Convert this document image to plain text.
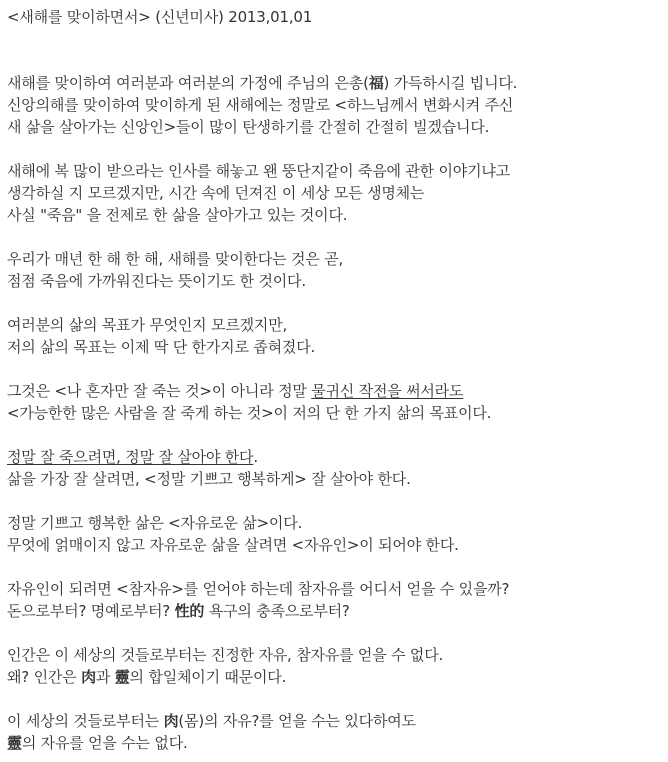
<새해를 맞이하면서> (신년미사) 2013,01,01
새해를 맞이하여 여러분과 여러분의 가정에 주님의 은총(福) 가득하시길 빕니다.
신앙의해를 맞이하여 맞이하게 된 새해에는 정말로 <하느님께서 변화시켜 주신
새 삶을 살아가는 신앙인>들이 많이 탄생하기를 간절히 간절히 빌겠습니다.
새해에 복 많이 받으라는 인사를 해놓고 왠 뚱단지같이 죽음에 관한 이야기냐고
생각하실 지 모르겠지만, 시간 속에 던져진 이 세상 모든 생명체는
사실 "죽음" 을 전제로 한 삶을 살아가고 있는 것이다.
우리가 매년 한 해 한 해, 새해를 맞이한다는 것은 곧,
점점 죽음에 가까워진다는 뜻이기도 한 것이다.
여러분의 삶의 목표가 무엇인지 모르겠지만,
저의 삶의 목표는 이제 딱 단 한가지로 좁혀졌다.
그것은 <나 혼자만 잘 죽는 것>이 아니라 정말 물귀신 작전을 써서라도
<가능한한 많은 사람을 잘 죽게 하는 것>이 저의 단 한 가지 삶의 목표이다.
정말 잘 죽으려면, 정말 잘 살아야 한다.
삶을 가장 잘 살려면, <정말 기쁘고 행복하게> 잘 살아야 한다.
정말 기쁘고 행복한 삶은 <자유로운 삶>이다.
무엇에 얽매이지 않고 자유로운 삶을 살려면 <자유인>이 되어야 한다.
자유인이 되려면 <참자유>를 얻어야 하는데 참자유를 어디서 얻을 수 있을까?
돈으로부터? 명예로부터? 性的 욕구의 충족으로부터?
인간은 이 세상의 것들로부터는 진정한 자유, 참자유를 얻을 수 없다.
왜? 인간은 肉과 靈의 합일체이기 때문이다.
이 세상의 것들로부터는 肉(몸)의 자유?를 얻을 수는 있다하여도
靈의 자유를 얻을 수는 없다.
